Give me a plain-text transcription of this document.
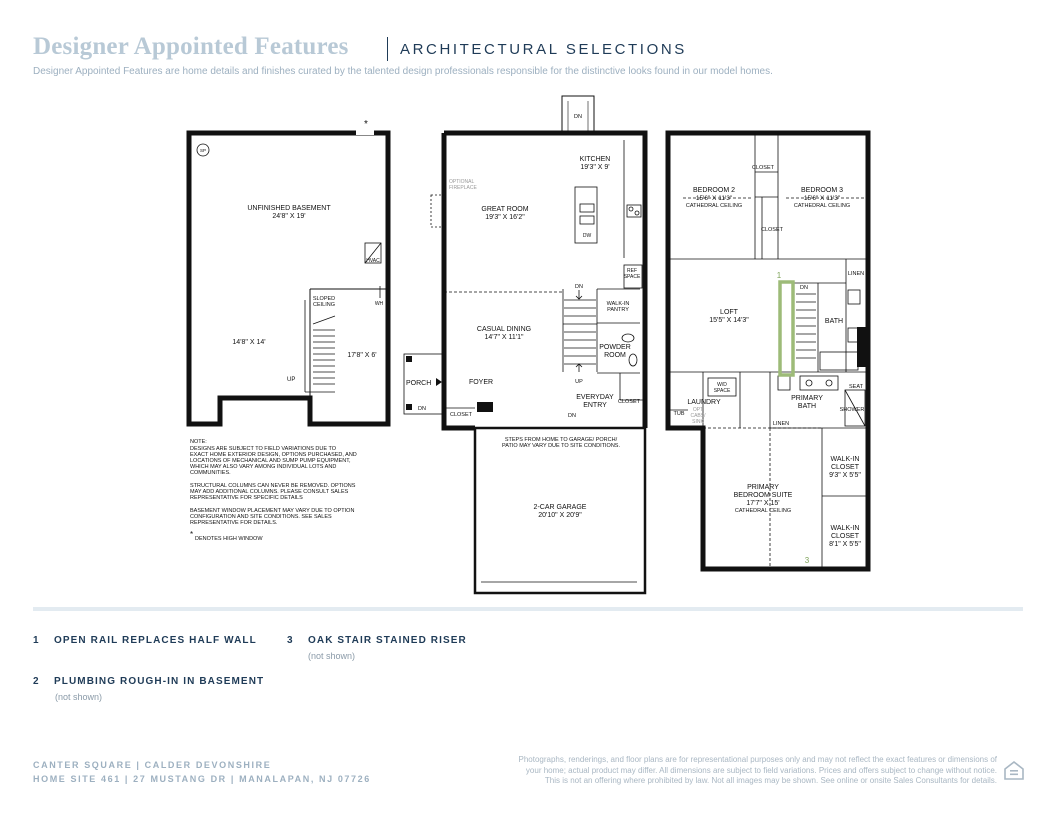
Designer Appointed Features	ARCHITECTURAL SELECTIONS
Designer Appointed Features are home details and finishes curated by the talented design professionals responsible for the distinctive looks found in our model homes.
*
SP
UNFINISHED BASEMENT
24'8" X 19'
HVAC
WH
SLOPED
CEILING
14'8" X 14'
17'8" X 6'
UP
NOTE: DESIGNS ARE SUBJECT TO FIELD VARIATIONS DUE TO EXACT HOME EXTERIOR DESIGN, OPTIONS PURCHASED, AND LOCATIONS OF MECHANICAL AND SUMP PUMP EQUIPMENT, WHICH MAY ALSO VARY AMONG INDIVIDUAL LOTS AND COMMUNITIES. STRUCTURAL COLUMNS CAN NEVER BE REMOVED. OPTIONS MAY ADD ADDITIONAL COLUMNS. PLEASE CONSULT SALES REPRESENTATIVE FOR SPECIFIC DETAILS BASEMENT WINDOW PLACEMENT MAY VARY DUE TO OPTION CONFIGURATION AND SITE CONDITIONS. SEE SALES REPRESENTATIVE FOR DETAILS.
* DENOTES HIGH WINDOW
DN
KITCHEN
19'3" X 9'
OPTIONAL
FIREPLACE
GREAT ROOM
19'3" X 16'2"
DW
REF
SPACE
DN
WALK-IN
PANTRY
CASUAL DINING
14'7" X 11'1"
POWDER
ROOM
PORCH	FOYER	UP
EVERYDAY
ENTRY CLOSET
DN
CLOSET	DN
STEPS FROM HOME TO GARAGE/ PORCH/
PATIO MAY VARY DUE TO SITE CONDITIONS.
2-CAR GARAGE
20'10" X 20'9"
CLOSET
BEDROOM 2
15'6" X 11'3"
CATHEDRAL CEILING
BEDROOM 3
15'6" X 11'3"
CATHEDRAL CEILING
CLOSET
LINEN
1
DN
LOFT
15'5" X 14'3"	BATH
SEAT
W/D
SPACE
LAUNDRY
TUB
OPT
CABS/
SINK
PRIMARY
BATH	SHOWER
LINEN
WALK-IN
CLOSET
9'3" X 5'5"
PRIMARY
BEDROOM SUITE
17'7" X 15'
CATHEDRAL CEILING
WALK-IN
CLOSET
8'1" X 5'5"
3
1 OPEN RAIL REPLACES HALF WALL	3 OAK STAIR STAINED RISER
(not shown)
2 PLUMBING ROUGH-IN IN BASEMENT
(not shown)
CANTER SQUARE | CALDER DEVONSHIRE
HOME SITE 461 | 27 MUSTANG DR | MANALAPAN, NJ 07726
Photographs, renderings, and floor plans are for representational purposes only and may not reflect the exact features or dimensions of your home; actual product may differ. All dimensions are subject to field variations. Prices and offers subject to change without notice. This is not an offering where prohibited by law. Not all images may be shown. See online or onsite Sales Consultants for details.
